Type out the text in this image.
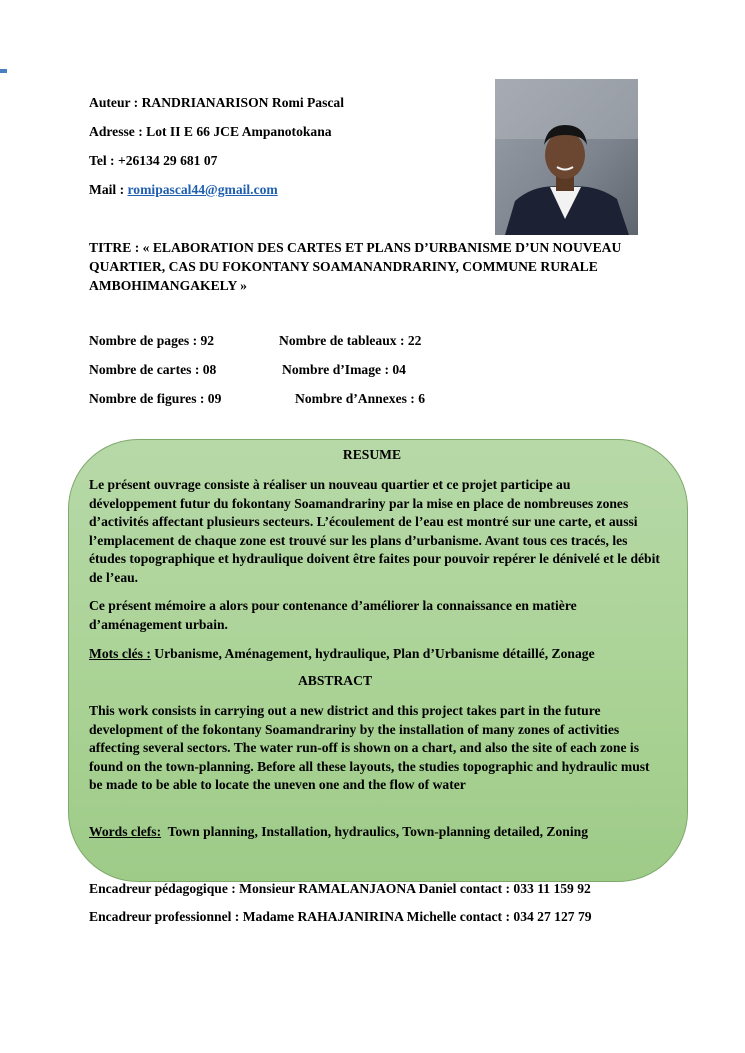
Auteur : RANDRIANARISON Romi Pascal
Adresse : Lot II E 66 JCE Ampanotokana
Tel : +26134 29 681 07
Mail : romipascal44@gmail.com
TITRE : « ELABORATION DES CARTES ET PLANS D’URBANISME D’UN NOUVEAU QUARTIER, CAS DU FOKONTANY SOAMANANDRARINY, COMMUNE RURALE AMBOHIMANGAKELY »
Nombre de pages : 92	Nombre de tableaux : 22
Nombre de cartes : 08	Nombre d’Image : 04
Nombre de figures : 09	Nombre d’Annexes : 6
RESUME
Le présent ouvrage consiste à réaliser un nouveau quartier et ce projet participe au développement futur du fokontany Soamandrariny par la mise en place de nombreuses zones d’activités affectant plusieurs secteurs. L’écoulement de l’eau est montré sur une carte, et aussi l’emplacement de chaque zone est trouvé sur les plans d’urbanisme. Avant tous ces tracés, les études topographique et hydraulique doivent être faites pour pouvoir repérer le dénivelé et le débit de l’eau.
Ce présent mémoire a alors pour contenance d’améliorer la connaissance en matière d’aménagement urbain.
Mots clés : Urbanisme, Aménagement, hydraulique, Plan d’Urbanisme détaillé, Zonage
ABSTRACT
This work consists in carrying out a new district and this project takes part in the future development of the fokontany Soamandrariny by the installation of many zones of activities affecting several sectors. The water run-off is shown on a chart, and also the site of each zone is found on the town-planning. Before all these layouts, the studies topographic and hydraulic must be made to be able to locate the uneven one and the flow of water
Words clefs:  Town planning, Installation, hydraulics, Town-planning detailed, Zoning
Encadreur pédagogique : Monsieur RAMALANJAONA Daniel contact : 033 11 159 92
Encadreur professionnel : Madame RAHAJANIRINA Michelle contact : 034 27 127 79
